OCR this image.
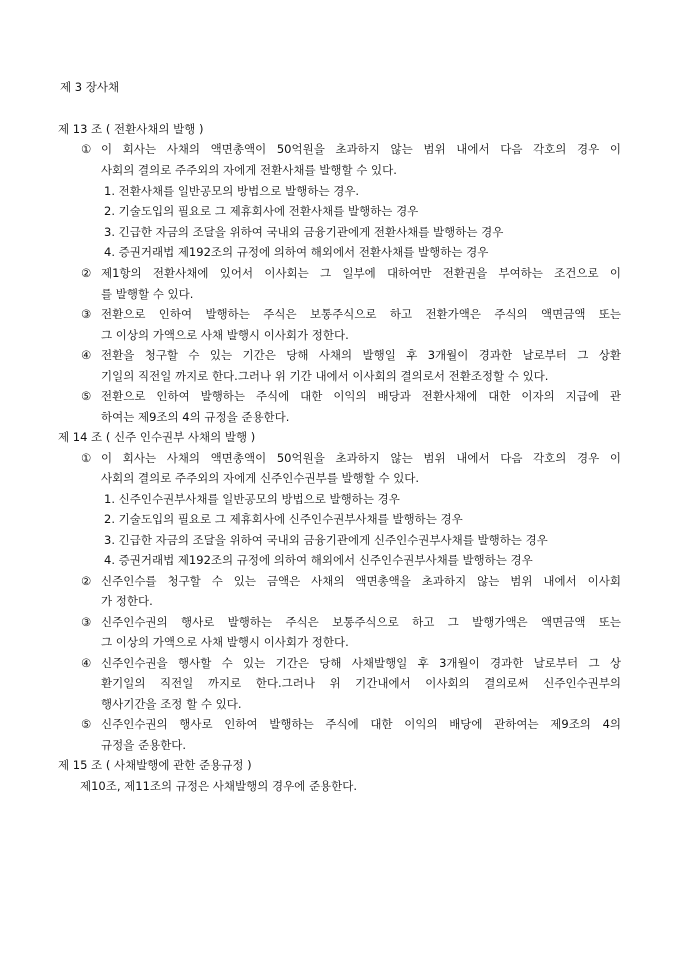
제 3 장사채
제 13 조 ( 전환사채의 발행 )
① 이 회사는 사채의 액면총액이 50억원을 초과하지 않는 범위 내에서 다음 각호의 경우 이
사회의 결의로 주주외의 자에게 전환사채를 발행할 수 있다.
1. 전환사채를 일반공모의 방법으로 발행하는 경우.
2. 기술도입의 필요로 그 제휴회사에 전환사채를 발행하는 경우
3. 긴급한 자금의 조달을 위하여 국내외 금융기관에게 전환사채를 발행하는 경우
4. 증권거래법 제192조의 규정에 의하여 해외에서 전환사채를 발행하는 경우
② 제1항의 전환사채에 있어서 이사회는 그 일부에 대하여만 전환권을 부여하는 조건으로 이
를 발행할 수 있다.
③ 전환으로 인하여 발행하는 주식은 보통주식으로 하고 전환가액은 주식의 액면금액 또는
그 이상의 가액으로 사채 발행시 이사회가 정한다.
④ 전환을 청구할 수 있는 기간은 당해 사채의 발행일 후 3개월이 경과한 날로부터 그 상환
기일의 직전일 까지로 한다.그러나 위 기간 내에서 이사회의 결의로서 전환조정할 수 있다.
⑤ 전환으로 인하여 발행하는 주식에 대한 이익의 배당과 전환사채에 대한 이자의 지급에 관
하여는 제9조의 4의 규정을 준용한다.
제 14 조 ( 신주 인수권부 사채의 발행 )
① 이 회사는 사채의 액면총액이 50억원을 초과하지 않는 범위 내에서 다음 각호의 경우 이
사회의 결의로 주주외의 자에게 신주인수권부를 발행할 수 있다.
1. 신주인수권부사채를 일반공모의 방법으로 발행하는 경우
2. 기술도입의 필요로 그 제휴회사에 신주인수권부사채를 발행하는 경우
3. 긴급한 자금의 조달을 위하여 국내외 금융기관에게 신주인수권부사채를 발행하는 경우
4. 증권거래법 제192조의 규정에 의하여 해외에서 신주인수권부사채를 발행하는 경우
② 신주인수를 청구할 수 있는 금액은 사채의 액면총액을 초과하지 않는 범위 내에서 이사회
가 정한다.
③ 신주인수권의 행사로 발행하는 주식은 보통주식으로 하고 그 발행가액은 액면금액 또는
그 이상의 가액으로 사채 발행시 이사회가 정한다.
④ 신주인수권을 행사할 수 있는 기간은 당해 사채발행일 후 3개월이 경과한 날로부터 그 상
환기일의 직전일 까지로 한다.그러나 위 기간내에서 이사회의 결의로써 신주인수권부의
행사기간을 조정 할 수 있다.
⑤ 신주인수권의 행사로 인하여 발행하는 주식에 대한 이익의 배당에 관하여는 제9조의 4의
규정을 준용한다.
제 15 조 ( 사채발행에 관한 준용규정 )
제10조, 제11조의 규정은 사채발행의 경우에 준용한다.
